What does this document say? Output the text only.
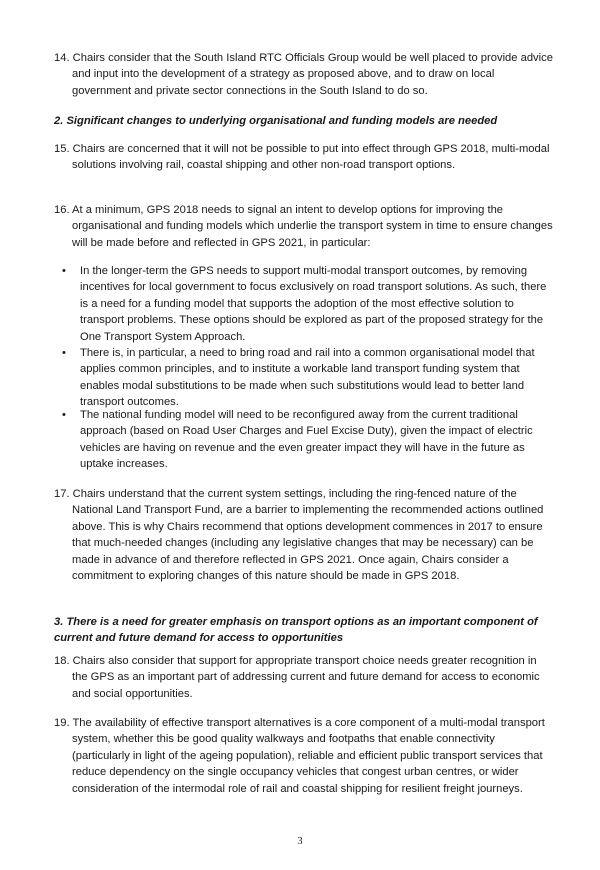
14. Chairs consider that the South Island RTC Officials Group would be well placed to provide advice and input into the development of a strategy as proposed above, and to draw on local government and private sector connections in the South Island to do so.
2. Significant changes to underlying organisational and funding models are needed
15. Chairs are concerned that it will not be possible to put into effect through GPS 2018, multi-modal solutions involving rail, coastal shipping and other non-road transport options.
16. At a minimum, GPS 2018 needs to signal an intent to develop options for improving the organisational and funding models which underlie the transport system in time to ensure changes will be made before and reflected in GPS 2021, in particular:
•	In the longer-term the GPS needs to support multi-modal transport outcomes, by removing incentives for local government to focus exclusively on road transport solutions. As such, there is a need for a funding model that supports the adoption of the most effective solution to transport problems. These options should be explored as part of the proposed strategy for the One Transport System Approach.
•	There is, in particular, a need to bring road and rail into a common organisational model that applies common principles, and to institute a workable land transport funding system that enables modal substitutions to be made when such substitutions would lead to better land transport outcomes.
•	The national funding model will need to be reconfigured away from the current traditional approach (based on Road User Charges and Fuel Excise Duty), given the impact of electric vehicles are having on revenue and the even greater impact they will have in the future as uptake increases.
17. Chairs understand that the current system settings, including the ring-fenced nature of the National Land Transport Fund, are a barrier to implementing the recommended actions outlined above. This is why Chairs recommend that options development commences in 2017 to ensure that much-needed changes (including any legislative changes that may be necessary) can be made in advance of and therefore reflected in GPS 2021. Once again, Chairs consider a commitment to exploring changes of this nature should be made in GPS 2018.
3. There is a need for greater emphasis on transport options as an important component of current and future demand for access to opportunities
18. Chairs also consider that support for appropriate transport choice needs greater recognition in the GPS as an important part of addressing current and future demand for access to economic and social opportunities.
19. The availability of effective transport alternatives is a core component of a multi-modal transport system, whether this be good quality walkways and footpaths that enable connectivity (particularly in light of the ageing population), reliable and efficient public transport services that reduce dependency on the single occupancy vehicles that congest urban centres, or wider consideration of the intermodal role of rail and coastal shipping for resilient freight journeys.
3
